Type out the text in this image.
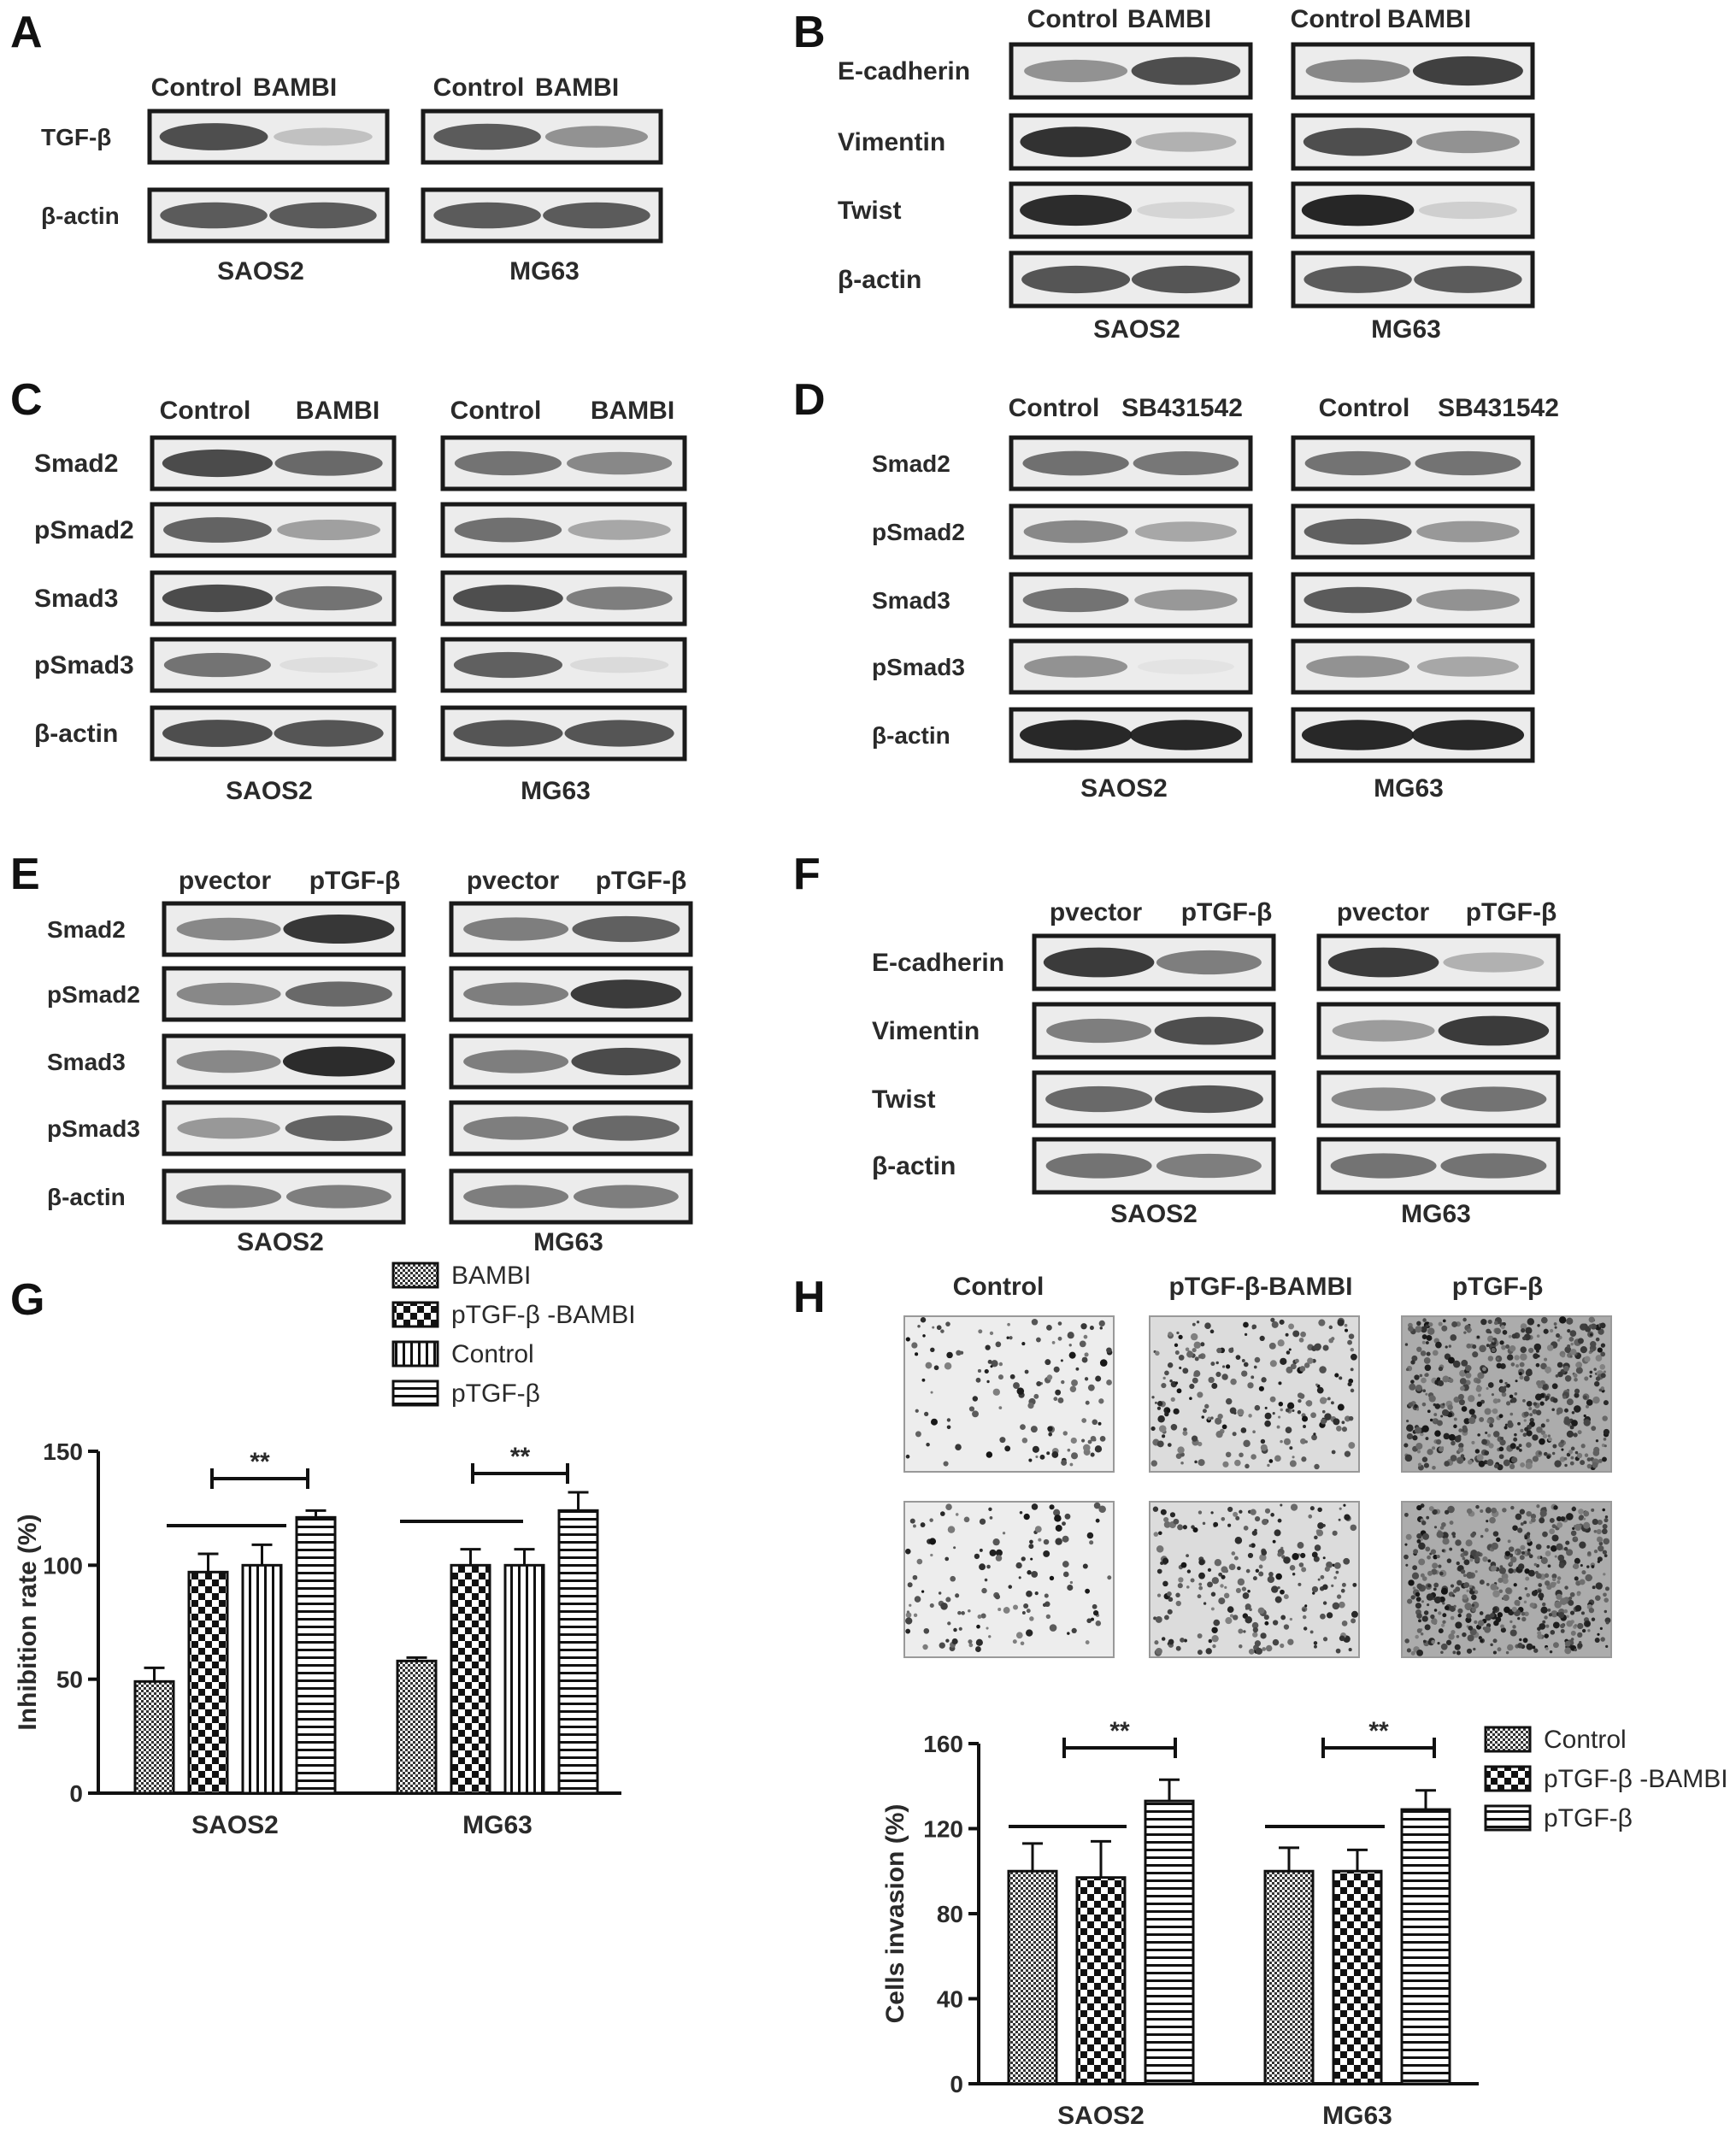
A
Control BAMBI	Control BAMBI
TGF-β
β-actin
SAOS2	MG63
B	Control BAMBI	Control BAMBI
E-cadherin
Vimentin
Twist
β-actin
SAOS2	MG63
C	Control BAMBI	Control BAMBI
Smad2
pSmad2
Smad3
pSmad3
β-actin
SAOS2	MG63
D	Control SB431542	Control SB431542
Smad2
pSmad2
Smad3
pSmad3
β-actin
SAOS2	MG63
E	pvector pTGF-β	pvector pTGF-β
Smad2
pSmad2
Smad3
pSmad3
β-actin
SAOS2	MG63
F
pvector pTGF-β	pvector pTGF-β
E-cadherin
Vimentin
Twist
β-actin
SAOS2	MG63
H	Control	pTGF-β-BAMBI	pTGF-β
G
0
50
100
150
Inhibition rate (%)
SAOS2	MG63
**	**
BAMBI
pTGF-β -BAMBI
Control
pTGF-β
0
40
80
120
160
Cells invasion (%)
SAOS2	MG63
**	**	Control
pTGF-β -BAMBI
pTGF-β
